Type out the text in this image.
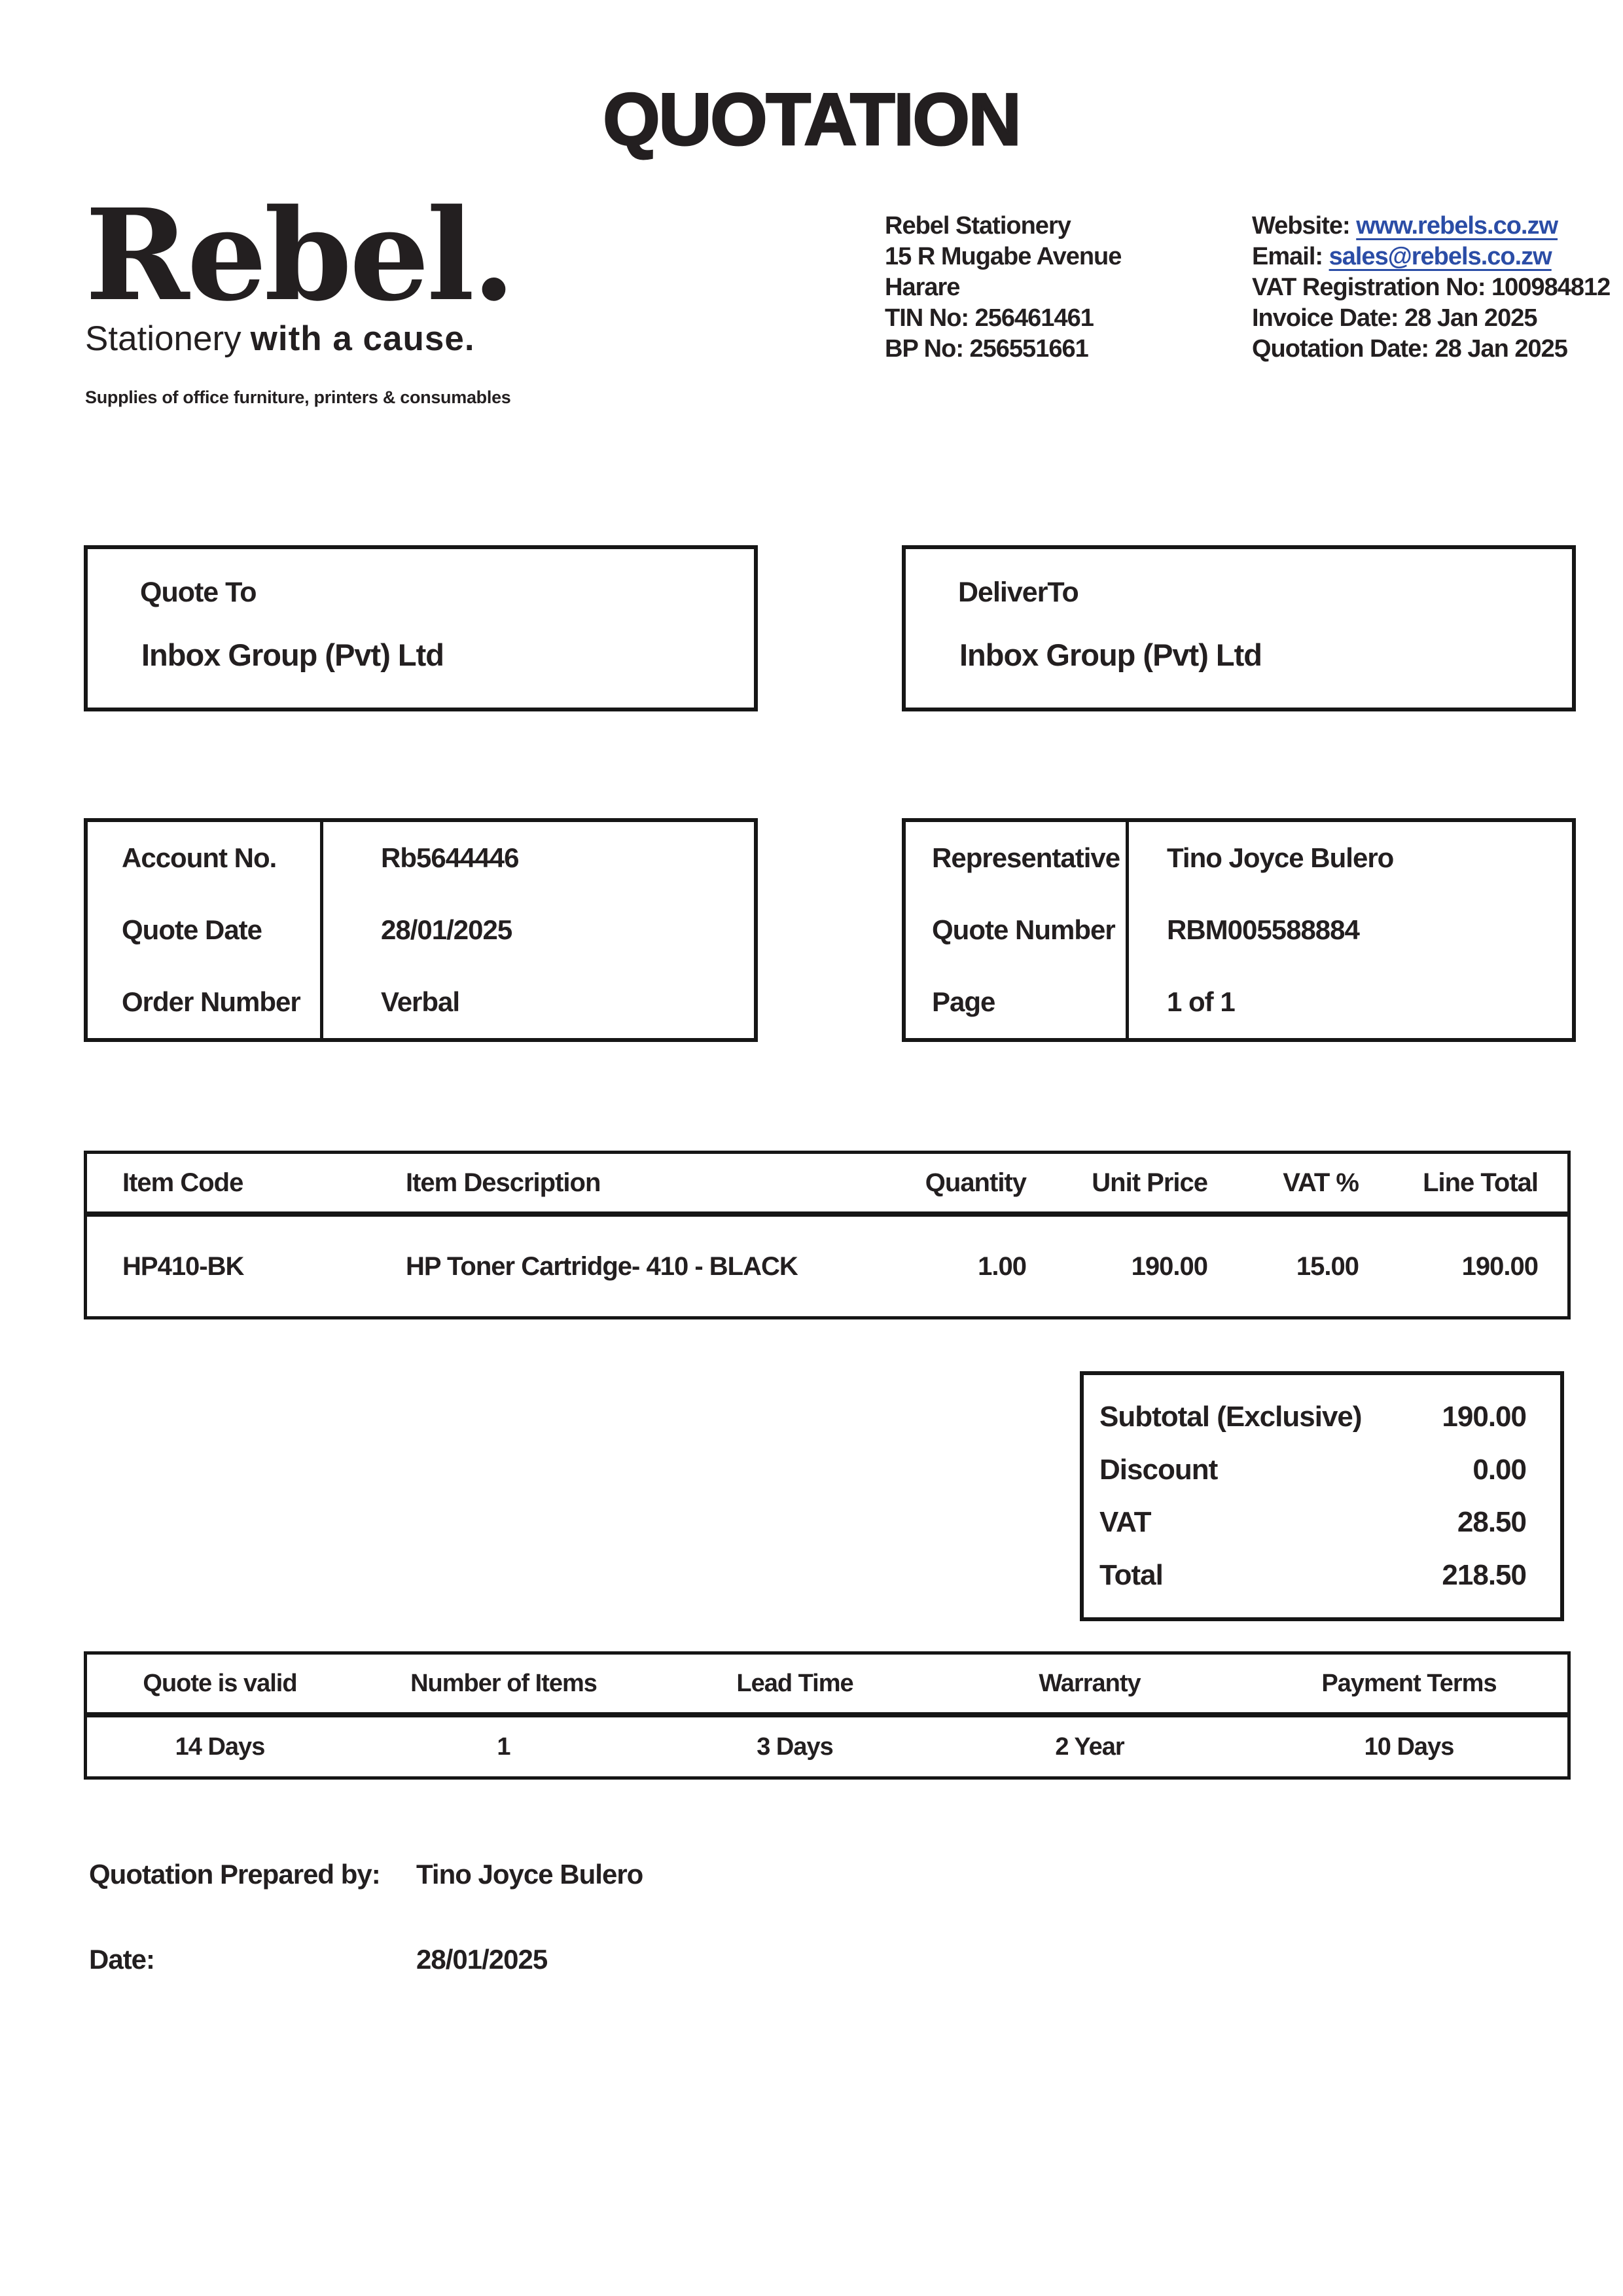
QUOTATION
Rebel.
Stationery with a cause.
Supplies of office furniture, printers & consumables
Rebel Stationery
15 R Mugabe Avenue
Harare
TIN No: 256461461
BP No: 256551661
Website: www.rebels.co.zw
Email: sales@rebels.co.zw
VAT Registration No: 100984812
Invoice Date: 28 Jan 2025
Quotation Date: 28 Jan 2025
Quote To
Inbox Group (Pvt) Ltd
DeliverTo
Inbox Group (Pvt) Ltd
Account No.	Rb5644446
Quote Date	28/01/2025
Order Number	Verbal
Representative	Tino Joyce Bulero
Quote Number	RBM005588884
Page	1 of 1
Item Code	Item Description	Quantity	Unit Price	VAT %	Line Total
HP410-BK	HP Toner Cartridge- 410 - BLACK	1.00	190.00	15.00	190.00
Subtotal (Exclusive)	190.00
Discount	0.00
VAT	28.50
Total	218.50
Quote is valid	Number of Items	Lead Time	Warranty	Payment Terms
14 Days	1	3 Days	2 Year	10 Days
Quotation Prepared by: Tino Joyce Bulero
Date:	28/01/2025
